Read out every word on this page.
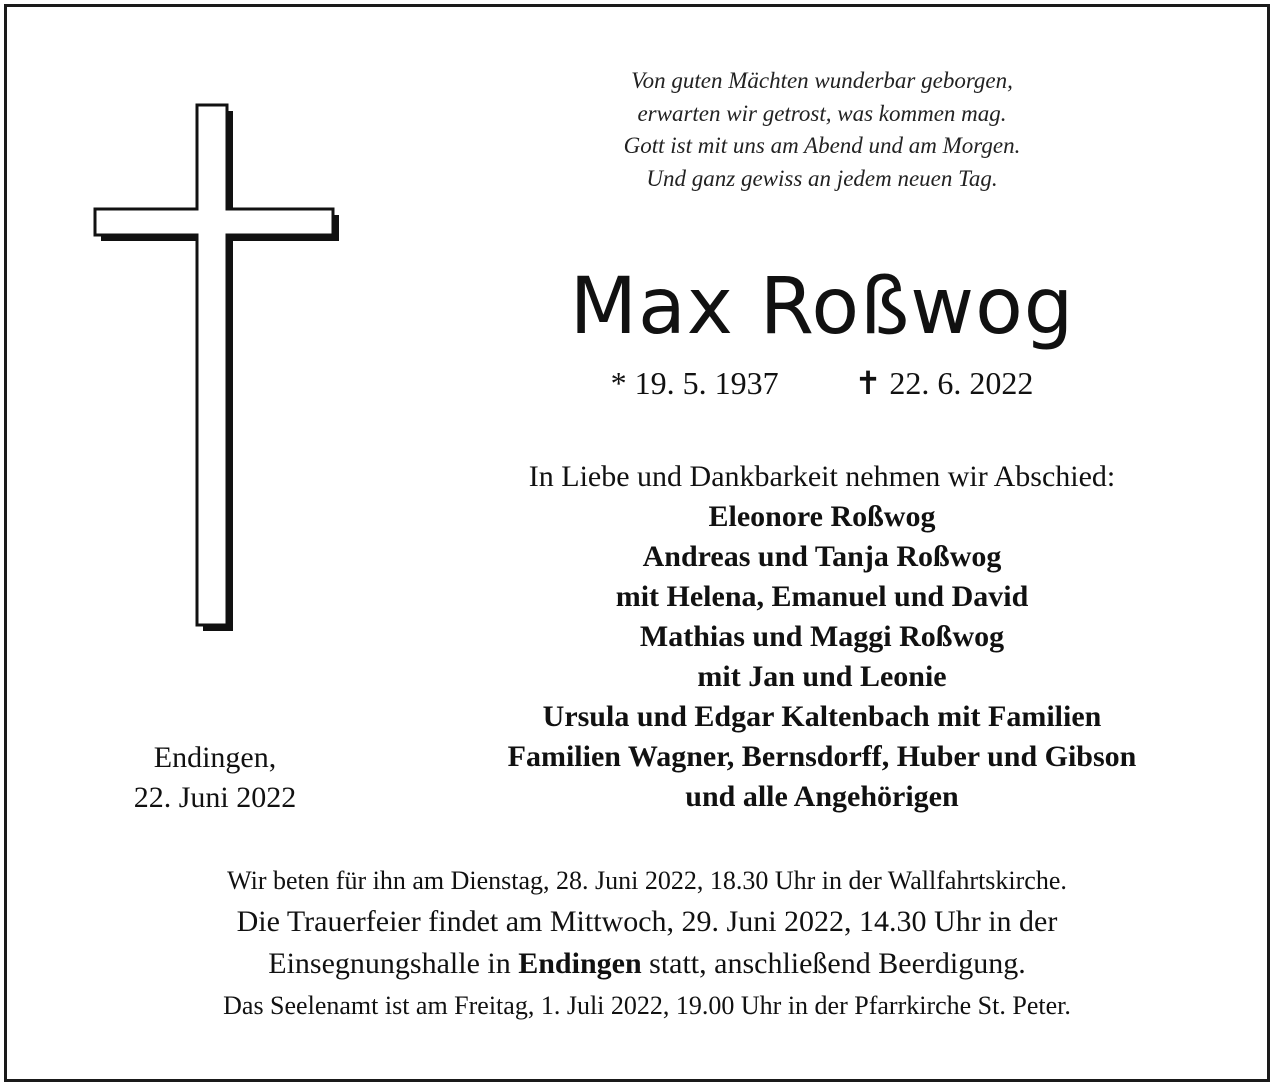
Von guten Mächten wunderbar geborgen,
erwarten wir getrost, was kommen mag.
Gott ist mit uns am Abend und am Morgen.
Und ganz gewiss an jedem neuen Tag.
Max Roßwog
* 19. 5. 1937 ✝ 22. 6. 2022
In Liebe und Dankbarkeit nehmen wir Abschied:
Eleonore Roßwog
Andreas und Tanja Roßwog
mit Helena, Emanuel und David
Mathias und Maggi Roßwog
mit Jan und Leonie
Ursula und Edgar Kaltenbach mit Familien
Familien Wagner, Bernsdorff, Huber und Gibson
und alle Angehörigen
Endingen,
22. Juni 2022
Wir beten für ihn am Dienstag, 28. Juni 2022, 18.30 Uhr in der Wallfahrtskirche.
Die Trauerfeier findet am Mittwoch, 29. Juni 2022, 14.30 Uhr in der
Einsegnungshalle in Endingen statt, anschließend Beerdigung.
Das Seelenamt ist am Freitag, 1. Juli 2022, 19.00 Uhr in der Pfarrkirche St. Peter.
